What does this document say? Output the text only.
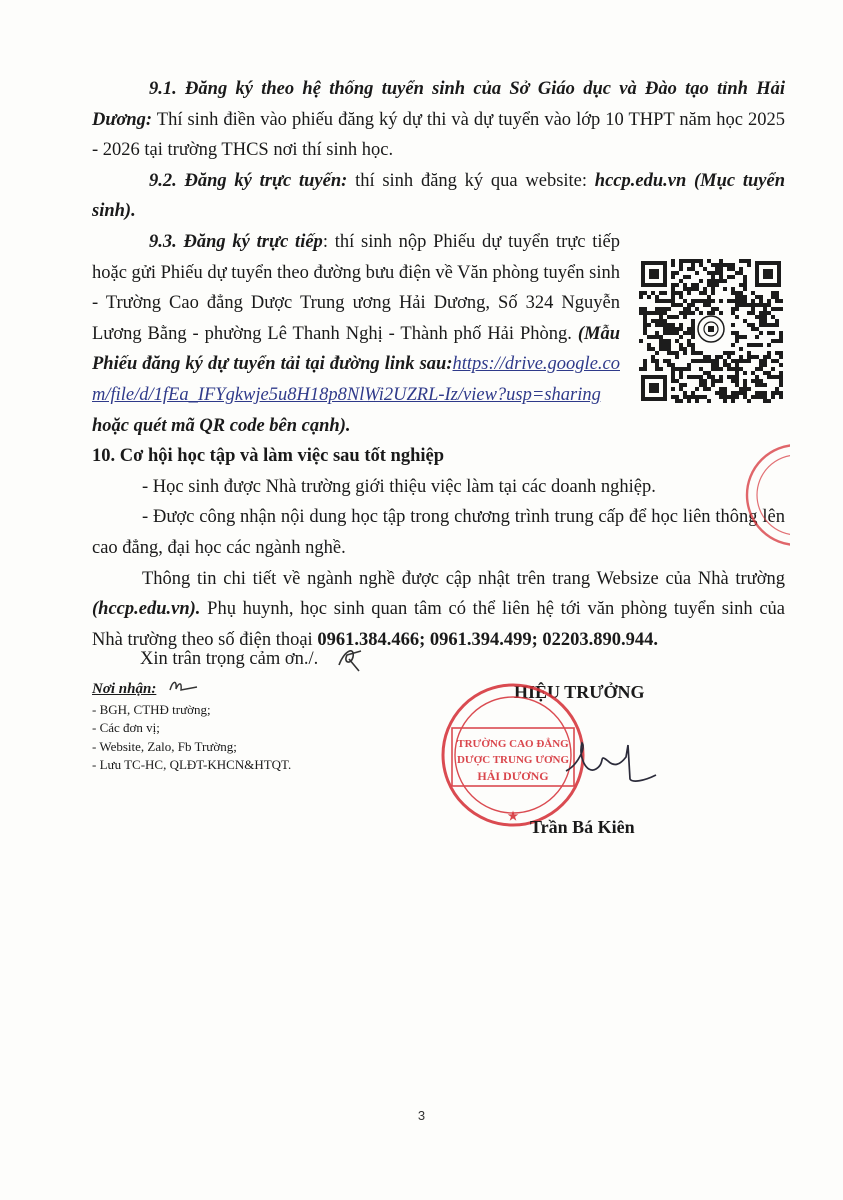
9.1. Đăng ký theo hệ thống tuyển sinh của Sở Giáo dục và Đào tạo tỉnh Hải Dương: Thí sinh điền vào phiếu đăng ký dự thi và dự tuyển vào lớp 10 THPT năm học 2025 - 2026 tại trường THCS nơi thí sinh học.

9.2. Đăng ký trực tuyến: thí sinh đăng ký qua website: hccp.edu.vn (Mục tuyển sinh).

9.3. Đăng ký trực tiếp: thí sinh nộp Phiếu dự tuyển trực tiếp hoặc gửi Phiếu dự tuyển theo đường bưu điện về Văn phòng tuyển sinh - Trường Cao đẳng Dược Trung ương Hải Dương, Số 324 Nguyễn Lương Bằng - phường Lê Thanh Nghị - Thành phố Hải Phòng. (Mẫu Phiếu đăng ký dự tuyển tải tại đường link sau:https://drive.google.com/file/d/1fEa_IFYgkwje5u8H18p8NlWi2UZRL-Iz/view?usp=sharing hoặc quét mã QR code bên cạnh).

10. Cơ hội học tập và làm việc sau tốt nghiệp

- Học sinh được Nhà trường giới thiệu việc làm tại các doanh nghiệp.

- Được công nhận nội dung học tập trong chương trình trung cấp để học liên thông lên cao đẳng, đại học các ngành nghề.

Thông tin chi tiết về ngành nghề được cập nhật trên trang Websize của Nhà trường (hccp.edu.vn). Phụ huynh, học sinh quan tâm có thể liên hệ tới văn phòng tuyển sinh của Nhà trường theo số điện thoại 0961.384.466; 0961.394.499; 02203.890.944.

Xin trân trọng cảm ơn./.

Nơi nhận:
- BGH, CTHĐ trường;
- Các đơn vị;
- Website, Zalo, Fb Trường;
- Lưu TC-HC, QLĐT-KHCN&HTQT.
HIỆU TRƯỞNG
TRƯỜNG CAO ĐẲNG
DƯỢC TRUNG ƯƠNG
HẢI DƯƠNG
★
Trần Bá Kiên
3
